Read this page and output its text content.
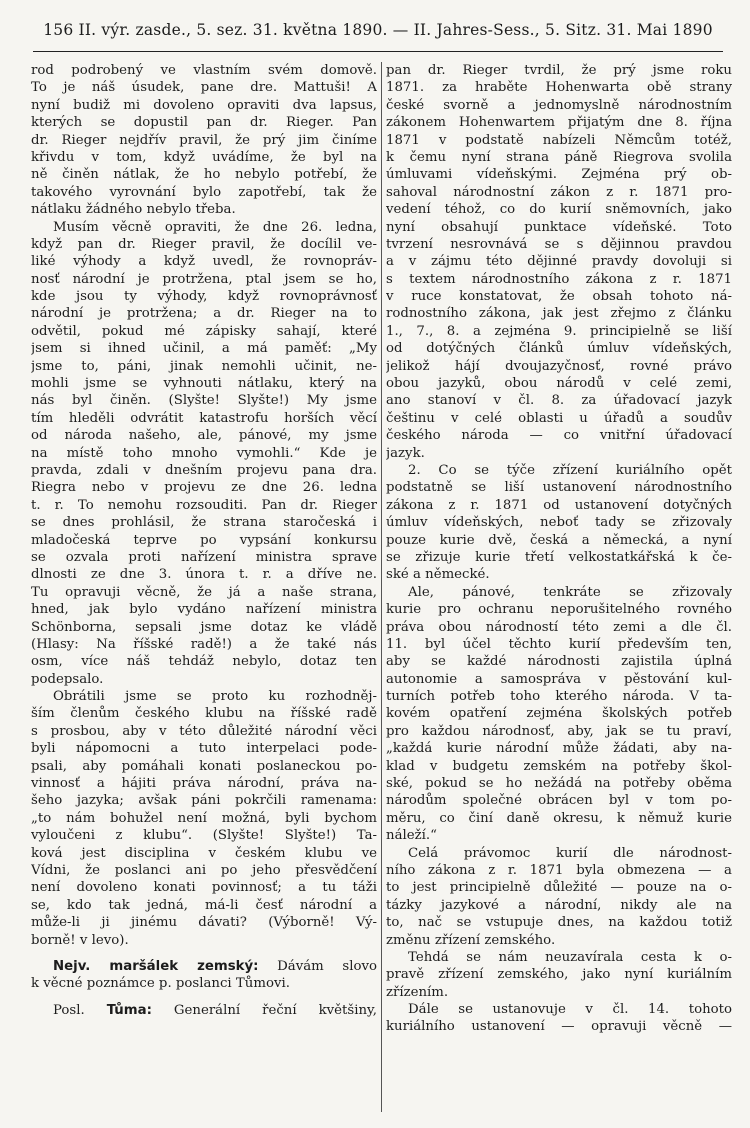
156 II. výr. zasde., 5. sez. 31. května 1890. — II. Jahres-Sess., 5. Sitz. 31. Mai 1890
rod podrobený ve vlastním svém domově.
To je náš úsudek, pane dre. Mattuši! A
nyní budiž mi dovoleno opraviti dva lapsus,
kterých se dopustil pan dr. Rieger. Pan
dr. Rieger nejdřív pravil, že prý jim činíme
křivdu v tom, když uvádíme, že byl na
ně činěn nátlak, že ho nebylo potřebí, že
takového vyrovnání bylo zapotřebí, tak že
nátlaku žádného nebylo třeba.
Musím věcně opraviti, že dne 26. ledna,
když pan dr. Rieger pravil, že docílil ve-
liké výhody a když uvedl, že rovnopráv-
nosť národní je protržena, ptal jsem se ho,
kde jsou ty výhody, když rovnoprávnosť
národní je protržena; a dr. Rieger na to
odvětil, pokud mé zápisky sahají, které
jsem si ihned učinil, a má paměť: „My
jsme to, páni, jinak nemohli učinit, ne-
mohli jsme se vyhnouti nátlaku, který na
nás byl činěn. (Slyšte! Slyšte!) My jsme
tím hleděli odvrátit katastrofu horších věcí
od národa našeho, ale, pánové, my jsme
na místě toho mnoho vymohli.“ Kde je
pravda, zdali v dnešním projevu pana dra.
Riegra nebo v projevu ze dne 26. ledna
t. r. To nemohu rozsouditi. Pan dr. Rieger
se dnes prohlásil, že strana staročeská i
mladočeská teprve po vypsání konkursu
se ozvala proti nařízení ministra sprave
dlnosti ze dne 3. února t. r. a dříve ne.
Tu opravuji věcně, že já a naše strana,
hned, jak bylo vydáno nařízení ministra
Schönborna, sepsali jsme dotaz ke vládě
(Hlasy: Na říšské radě!) a že také nás
osm, více náš tehdáž nebylo, dotaz ten
podepsalo.
Obrátili jsme se proto ku rozhodněj-
ším členům českého klubu na říšské radě
s prosbou, aby v této důležité národní věci
byli nápomocni a tuto interpelaci pode-
psali, aby pomáhali konati poslaneckou po-
vinnosť a hájiti práva národní, práva na-
šeho jazyka; avšak páni pokrčili ramenama:
„to nám bohužel není možná, byli bychom
vyloučeni z klubu“. (Slyšte! Slyšte!) Ta-
ková jest disciplina v českém klubu ve
Vídni, že poslanci ani po jeho přesvědčení
není dovoleno konati povinnosť; a tu táži
se, kdo tak jedná, má-li česť národní a
může-li ji jinému dávati? (Výborně! Vý-
borně! v levo).
Nejv. maršálek zemský: Dávám slovo
k věcné poznámce p. poslanci Tůmovi.
Posl. Tůma: Generální řeční květšiny,
pan dr. Rieger tvrdil, že prý jsme roku
1871. za hraběte Hohenwarta obě strany
české svorně a jednomyslně národnostním
zákonem Hohenwartem přijatým dne 8. října
1871 v podstatě nabízeli Němcům totéž,
k čemu nyní strana páně Riegrova svolila
úmluvami vídeňskými. Zejména prý ob-
sahoval národnostní zákon z r. 1871 pro-
vedení téhož, co do kurií sněmovních, jako
nyní obsahují punktace vídeňské. Toto
tvrzení nesrovnává se s dějinnou pravdou
a v zájmu této dějinné pravdy dovoluji si
s textem národnostního zákona z r. 1871
v ruce konstatovat, že obsah tohoto ná-
rodnostního zákona, jak jest zřejmo z článku
1., 7., 8. a zejména 9. principielně se liší
od dotýčných článků úmluv vídeňských,
jelikož hájí dvoujazyčnosť, rovné právo
obou jazyků, obou národů v celé zemi,
ano stanoví v čl. 8. za úřadovací jazyk
češtinu v celé oblasti u úřadů a soudův
českého národa — co vnitřní úřadovací
jazyk.
2. Co se týče zřízení kuriálního opět
podstatně se liší ustanovení národnostního
zákona z r. 1871 od ustanovení dotyčných
úmluv vídeňských, neboť tady se zřizovaly
pouze kurie dvě, česká a německá, a nyní
se zřizuje kurie třetí velkostatkářská k če-
ské a německé.
Ale, pánové, tenkráte se zřizovaly
kurie pro ochranu neporušitelného rovného
práva obou národností této zemi a dle čl.
11. byl účel těchto kurií především ten,
aby se každé národnosti zajistila úplná
autonomie a samospráva v pěstování kul-
turních potřeb toho kterého národa. V ta-
kovém opatření zejména školských potřeb
pro každou národnosť, aby, jak se tu praví,
„každá kurie národní může žádati, aby na-
klad v budgetu zemském na potřeby škol-
ské, pokud se ho nežádá na potřeby oběma
národům společné obrácen byl v tom po-
měru, co činí daně okresu, k němuž kurie
náleží.“
Celá právomoc kurií dle národnost-
ního zákona z r. 1871 byla obmezena — a
to jest principielně důležité — pouze na o-
tázky jazykové a národní, nikdy ale na
to, nač se vstupuje dnes, na každou totiž
změnu zřízení zemského.
Tehdá se nám neuzavírala cesta k o-
pravě zřízení zemského, jako nyní kuriálním
zřízením.
Dále se ustanovuje v čl. 14. tohoto
kuriálního ustanovení — opravuji věcně —
